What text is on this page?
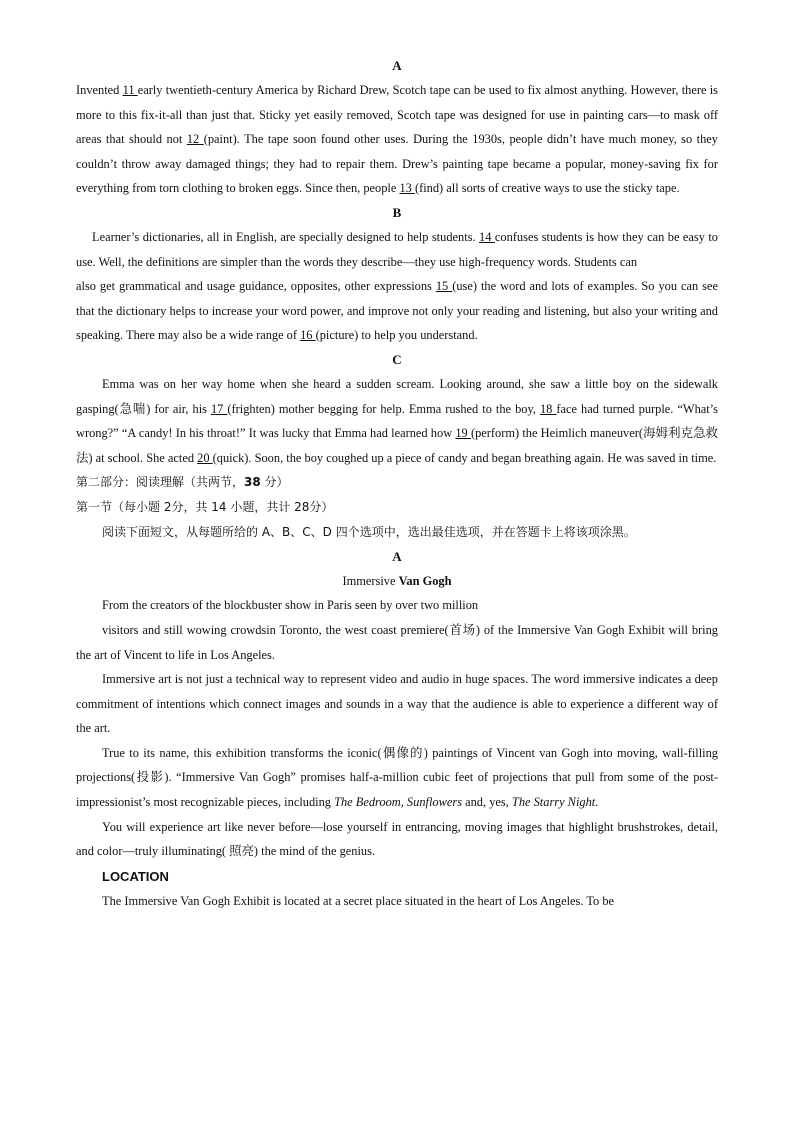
A

Invented 11 early twentieth-century America by Richard Drew, Scotch tape can be used to fix almost anything. However, there is more to this fix-it-all than just that. Sticky yet easily removed, Scotch tape was designed for use in painting cars—to mask off areas that should not 12 (paint). The tape soon found other uses. During the 1930s, people didn’t have much money, so they couldn’t throw away damaged things; they had to repair them. Drew’s painting tape became a popular, money-saving fix for everything from torn clothing to broken eggs. Since then, people 13 (find) all sorts of creative ways to use the sticky tape.

B

Learner’s dictionaries, all in English, are specially designed to help students. 14 confuses students is how they can be easy to use. Well, the definitions are simpler than the words they describe—they use high-frequency words. Students can

also get grammatical and usage guidance, opposites, other expressions 15 (use) the word and lots of examples. So you can see that the dictionary helps to increase your word power, and improve not only your reading and listening, but also your writing and speaking. There may also be a wide range of 16 (picture) to help you understand.

C

Emma was on her way home when she heard a sudden scream. Looking around, she saw a little boy on the sidewalk gasping(急喘) for air, his 17 (frighten) mother begging for help. Emma rushed to the boy, 18 face had turned purple. “What’s wrong?” “A candy! In his throat!” It was lucky that Emma had learned how 19 (perform) the Heimlich maneuver(海姆利克急救法) at school. She acted 20 (quick). Soon, the boy coughed up a piece of candy and began breathing again. He was saved in time.

第二部分：阅读理解（共两节，38 分）
第一节（每小题 2分，共 14 小题，共计 28分）
阅读下面短文，从每题所给的 A、B、C、D 四个选项中，选出最佳选项，并在答题卡上将该项涂黑。
A
Immersive Van Gogh

From the creators of the blockbuster show in Paris seen by over two million

visitors and still wowing crowdsin Toronto, the west coast premiere(首场) of the Immersive Van Gogh Exhibit will bring the art of Vincent to life in Los Angeles.

Immersive art is not just a technical way to represent video and audio in huge spaces. The word immersive indicates a deep commitment of intentions which connect images and sounds in a way that the audience is able to experience a different way of the art.

True to its name, this exhibition transforms the iconic(偶像的) paintings of Vincent van Gogh into moving, wall-filling projections(投影). “Immersive Van Gogh” promises half-a-million cubic feet of projections that pull from some of the post-impressionist’s most recognizable pieces, including The Bedroom, Sunflowers and, yes, The Starry Night.

You will experience art like never before—lose yourself in entrancing, moving images that highlight brushstrokes, detail, and color—truly illuminating( 照亮) the mind of the genius.

LOCATION

The Immersive Van Gogh Exhibit is located at a secret place situated in the heart of Los Angeles. To be
